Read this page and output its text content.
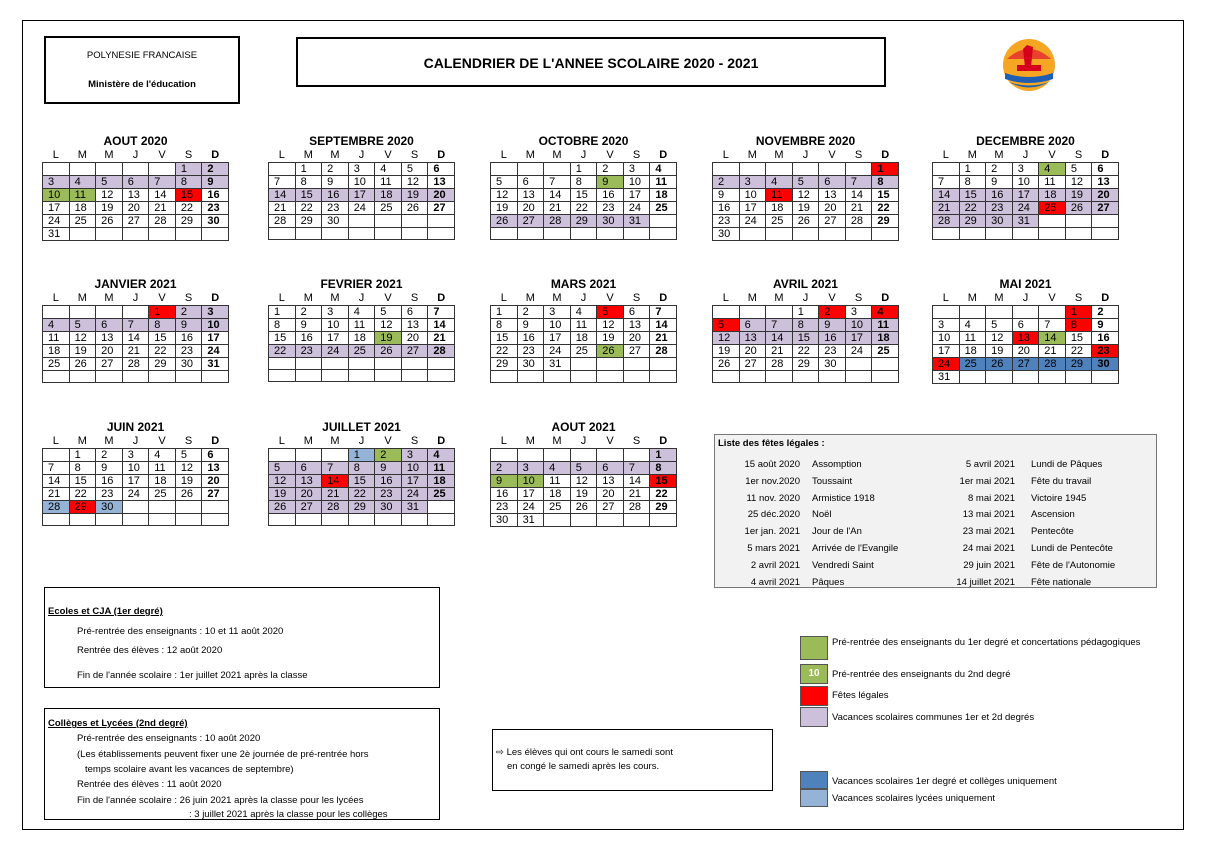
POLYNESIE FRANCAISE
Ministère de l'éducation
CALENDRIER DE L'ANNEE SCOLAIRE 2020 - 2021
AOUT 2020
L	M	M	J	V	S	D
					1	2
3	4	5	6	7	8	9
10	11	12	13	14	15	16
17	18	19	20	21	22	23
24	25	26	27	28	29	30
31						
SEPTEMBRE 2020
L	M	M	J	V	S	D
	1	2	3	4	5	6
7	8	9	10	11	12	13
14	15	16	17	18	19	20
21	22	23	24	25	26	27
28	29	30				

OCTOBRE 2020
L	M	M	J	V	S	D
			1	2	3	4
5	6	7	8	9	10	11
12	13	14	15	16	17	18
19	20	21	22	23	24	25
26	27	28	29	30	31	

NOVEMBRE 2020
L	M	M	J	V	S	D
						1
2	3	4	5	6	7	8
9	10	11	12	13	14	15
16	17	18	19	20	21	22
23	24	25	26	27	28	29
30						
DECEMBRE 2020
L	M	M	J	V	S	D
	1	2	3	4	5	6
7	8	9	10	11	12	13
14	15	16	17	18	19	20
21	22	23	24	25	26	27
28	29	30	31			

JANVIER 2021
L	M	M	J	V	S	D
				1	2	3
4	5	6	7	8	9	10
11	12	13	14	15	16	17
18	19	20	21	22	23	24
25	26	27	28	29	30	31

FEVRIER 2021
L	M	M	J	V	S	D
1	2	3	4	5	6	7
8	9	10	11	12	13	14
15	16	17	18	19	20	21
22	23	24	25	26	27	28

MARS 2021
L	M	M	J	V	S	D
1	2	3	4	5	6	7
8	9	10	11	12	13	14
15	16	17	18	19	20	21
22	23	24	25	26	27	28
29	30	31				

AVRIL 2021
L	M	M	J	V	S	D
			1	2	3	4
5	6	7	8	9	10	11
12	13	14	15	16	17	18
19	20	21	22	23	24	25
26	27	28	29	30		

MAI 2021
L	M	M	J	V	S	D
					1	2
3	4	5	6	7	8	9
10	11	12	13	14	15	16
17	18	19	20	21	22	23
24	25	26	27	28	29	30
31						
JUIN 2021
L	M	M	J	V	S	D
	1	2	3	4	5	6
7	8	9	10	11	12	13
14	15	16	17	18	19	20
21	22	23	24	25	26	27
28	29	30				

JUILLET 2021
L	M	M	J	V	S	D
			1	2	3	4
5	6	7	8	9	10	11
12	13	14	15	16	17	18
19	20	21	22	23	24	25
26	27	28	29	30	31	

AOUT 2021
L	M	M	J	V	S	D
						1
2	3	4	5	6	7	8
9	10	11	12	13	14	15
16	17	18	19	20	21	22
23	24	25	26	27	28	29
30	31					
Liste des fêtes légales :
15 août 2020 Assomption
1er nov.2020 Toussaint
11 nov. 2020 Armistice 1918
25 déc.2020 Noël
1er jan. 2021 Jour de l'An
5 mars 2021 Arrivée de l'Evangile
2 avril 2021 Vendredi Saint
4 avril 2021 Pâques
5 avril 2021 Lundi de Pâques
1er mai 2021 Fête du travail
8 mai 2021 Victoire 1945
13 mai 2021 Ascension
23 mai 2021 Pentecôte
24 mai 2021 Lundi de Pentecôte
29 juin 2021 Fête de l'Autonomie
14 juillet 2021 Fête nationale
Ecoles et CJA (1er degré)
Pré-rentrée des enseignants : 10 et 11 août 2020
Rentrée des élèves : 12 août 2020
Fin de l'année scolaire : 1er juillet 2021 après la classe
Collèges et Lycées (2nd degré)
Pré-rentrée des enseignants : 10 août 2020
(Les établissements peuvent fixer une 2è journée de pré-rentrée hors
temps scolaire avant les vacances de septembre)
Rentrée des élèves : 11 août 2020
Fin de l'année scolaire : 26 juin 2021 après la classe pour les lycées
: 3 juillet 2021 après la classe pour les collèges
⇨ Les élèves qui ont cours le samedi sont
en congé le samedi après les cours.
Pré-rentrée des enseignants du 1er degré et concertations pédagogiques
10	Pré-rentrée des enseignants du 2nd degré
Fêtes légales
Vacances scolaires communes 1er et 2d degrés
Vacances scolaires 1er degré et collèges uniquement
Vacances scolaires lycées uniquement
